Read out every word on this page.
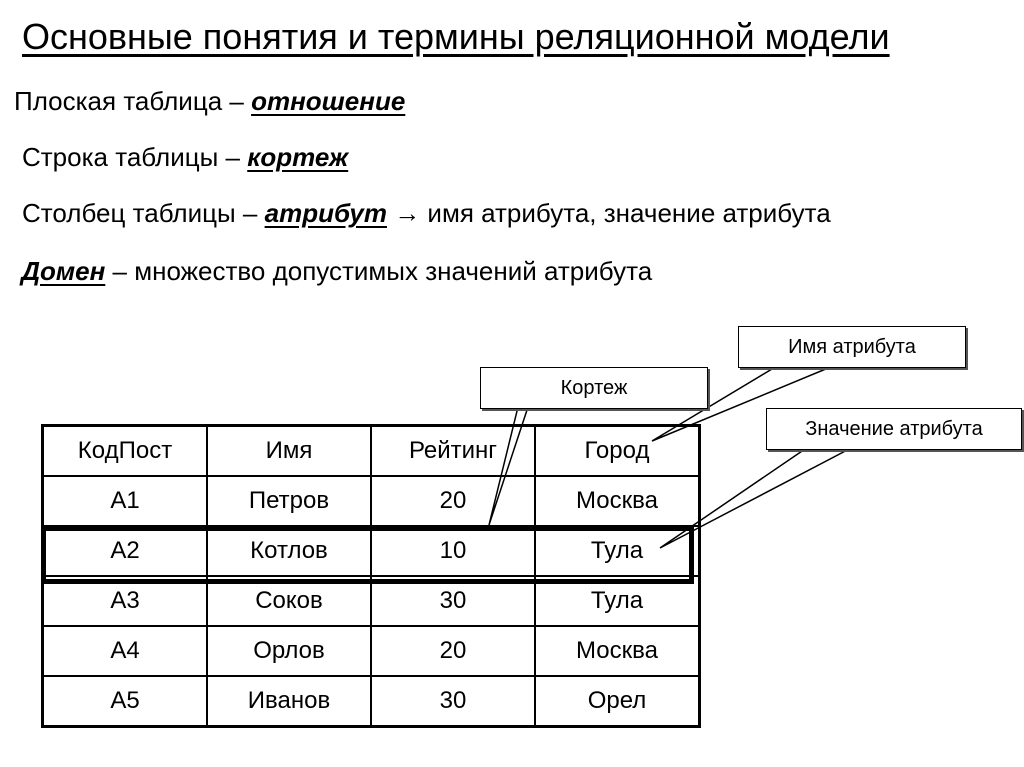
Основные понятия и термины реляционной модели
Плоская таблица – отношение
Строка таблицы – кортеж
Столбец таблицы – атрибут → имя атрибута, значение атрибута
Домен – множество допустимых значений атрибута
КодПост	Имя	Рейтинг	Город
А1	Петров	20	Москва
А2	Котлов	10	Тула
А3	Соков	30	Тула
А4	Орлов	20	Москва
А5	Иванов	30	Орел
Кортеж
Имя атрибута
Значение атрибута
